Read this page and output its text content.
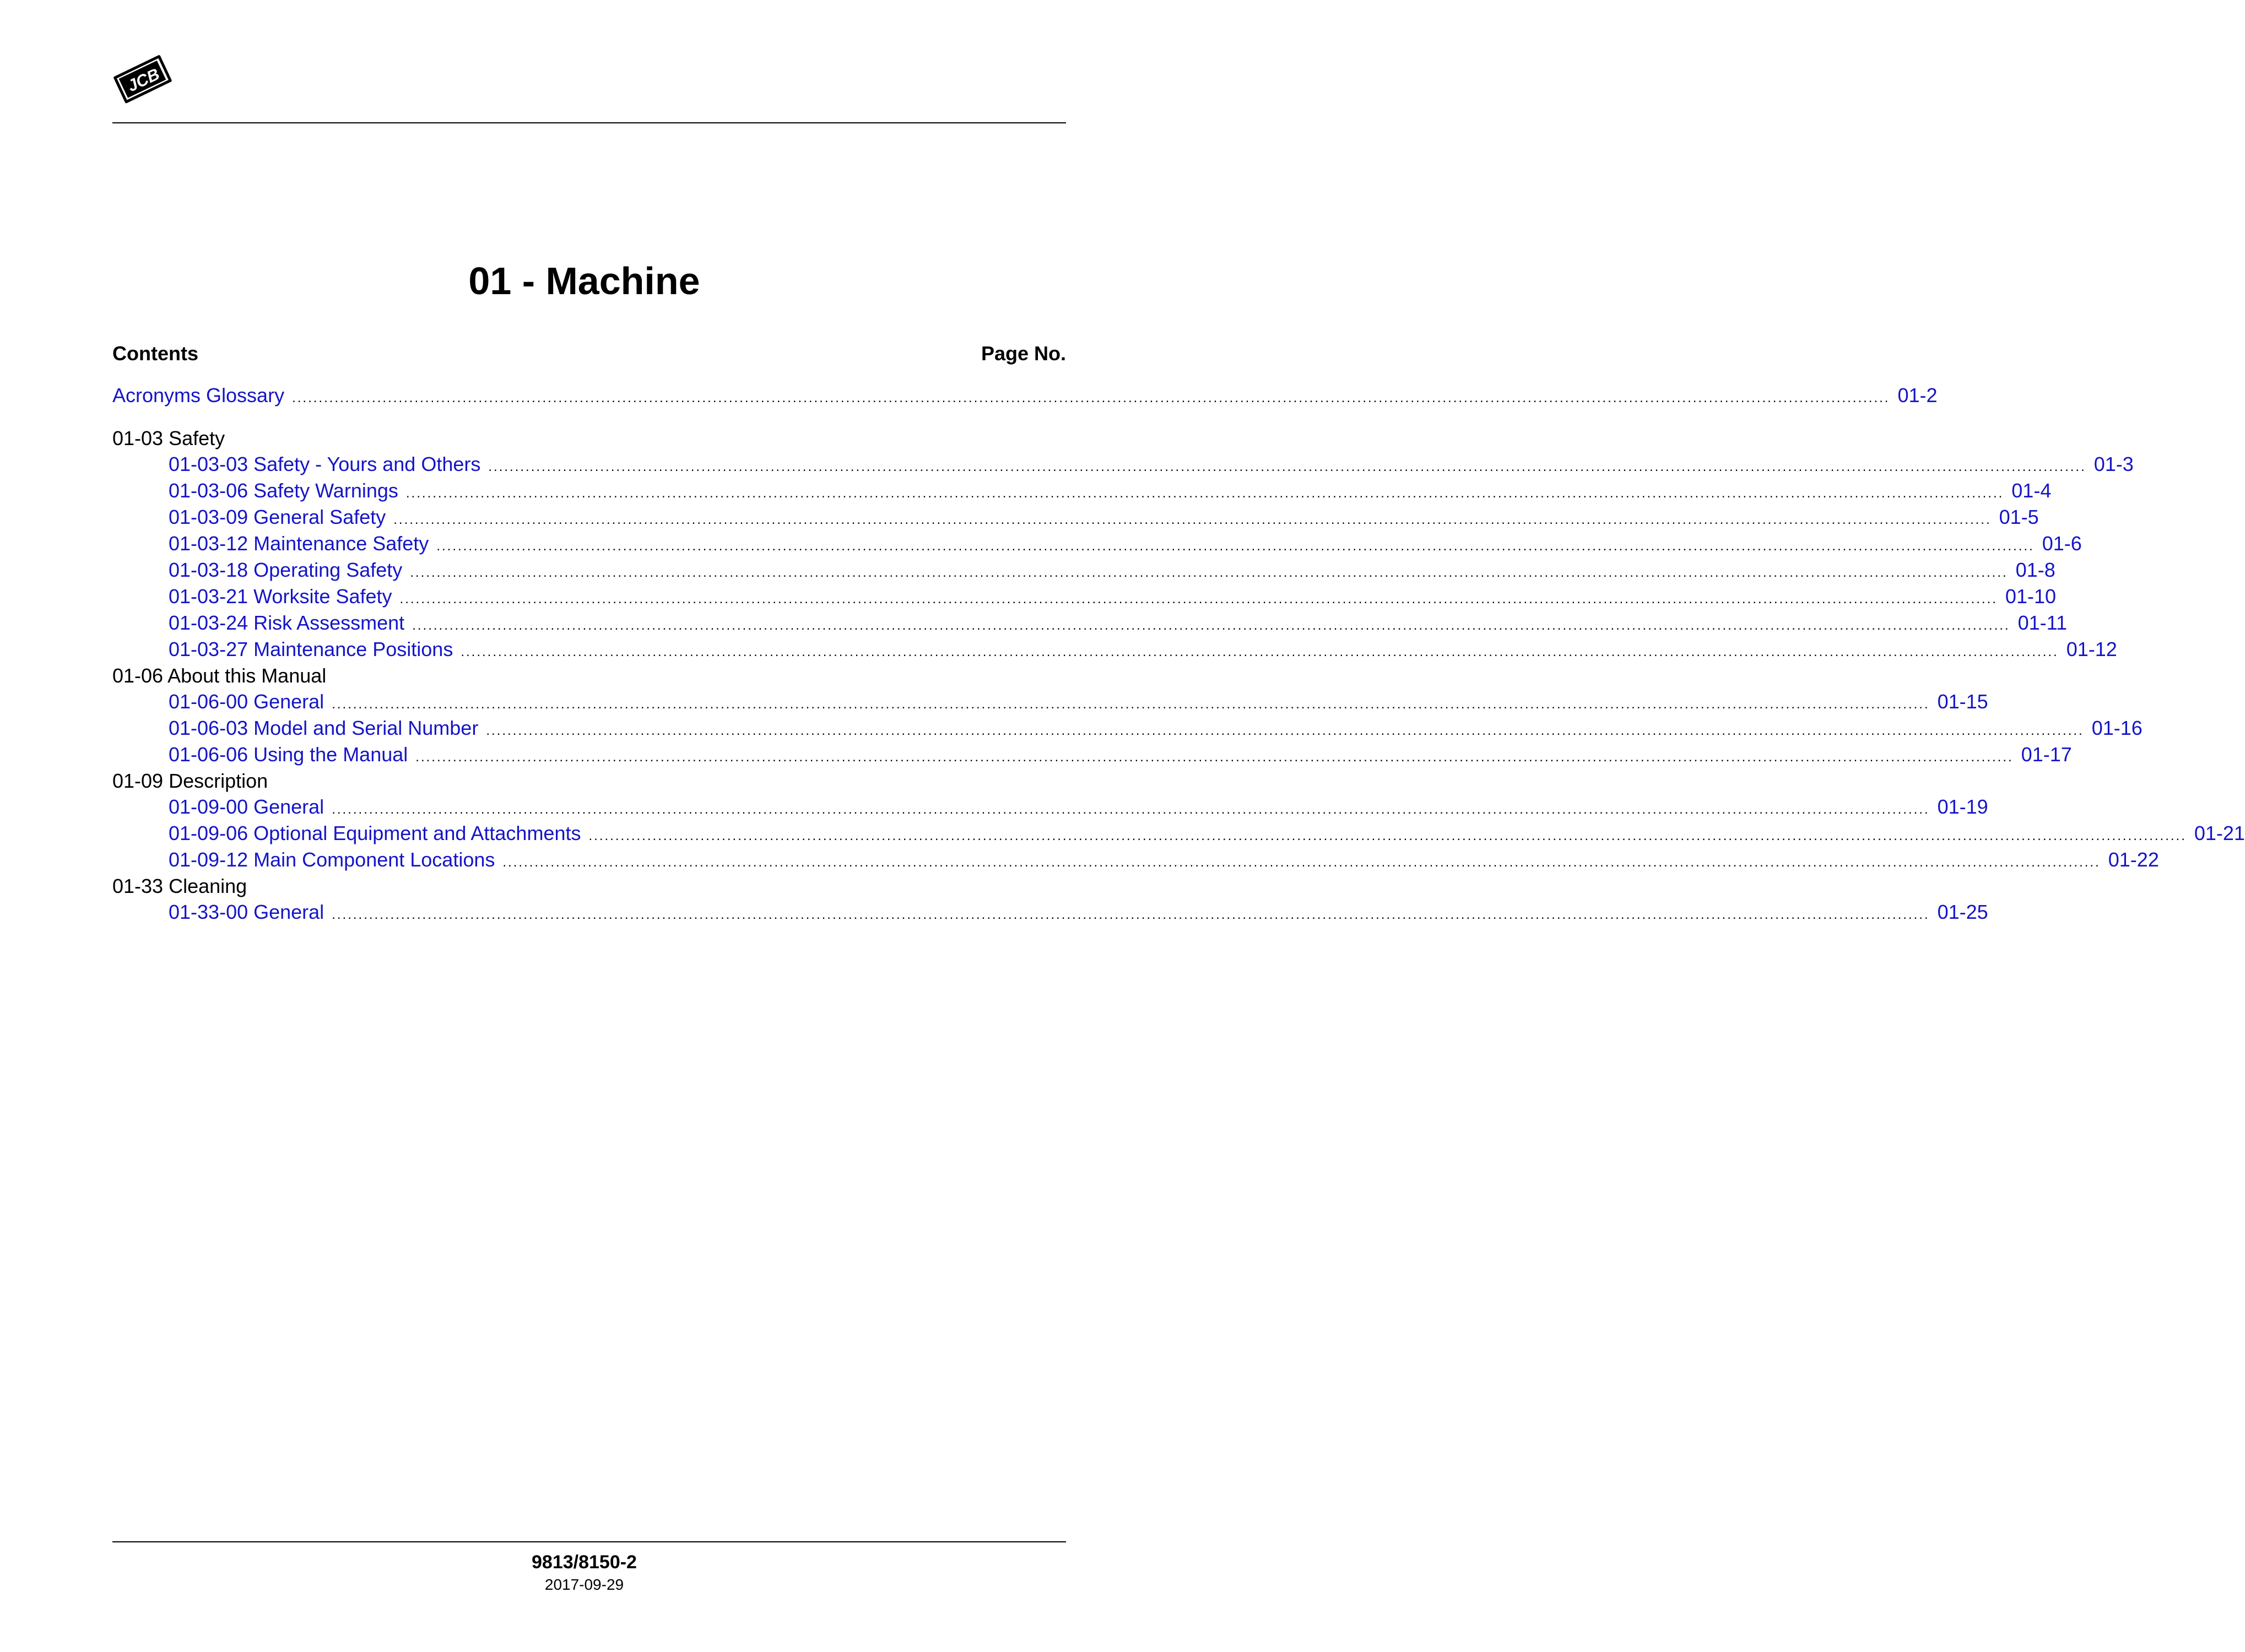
JCB
01 - Machine
Contents	Page No.
Acronyms Glossary ............................................................................................................................................................................................................................................................................................................ 01-2
01-03 Safety
01-03-03 Safety - Yours and Others ............................................................................................................................................................................................................................................................................................................ 01-3
01-03-06 Safety Warnings ............................................................................................................................................................................................................................................................................................................ 01-4
01-03-09 General Safety ............................................................................................................................................................................................................................................................................................................ 01-5
01-03-12 Maintenance Safety ............................................................................................................................................................................................................................................................................................................ 01-6
01-03-18 Operating Safety ............................................................................................................................................................................................................................................................................................................ 01-8
01-03-21 Worksite Safety ............................................................................................................................................................................................................................................................................................................ 01-10
01-03-24 Risk Assessment ............................................................................................................................................................................................................................................................................................................ 01-11
01-03-27 Maintenance Positions ............................................................................................................................................................................................................................................................................................................ 01-12
01-06 About this Manual
01-06-00 General ............................................................................................................................................................................................................................................................................................................ 01-15
01-06-03 Model and Serial Number ............................................................................................................................................................................................................................................................................................................ 01-16
01-06-06 Using the Manual ............................................................................................................................................................................................................................................................................................................ 01-17
01-09 Description
01-09-00 General ............................................................................................................................................................................................................................................................................................................ 01-19
01-09-06 Optional Equipment and Attachments ............................................................................................................................................................................................................................................................................................................ 01-21
01-09-12 Main Component Locations ............................................................................................................................................................................................................................................................................................................ 01-22
01-33 Cleaning
01-33-00 General ............................................................................................................................................................................................................................................................................................................ 01-25
9813/8150-2
2017-09-29
